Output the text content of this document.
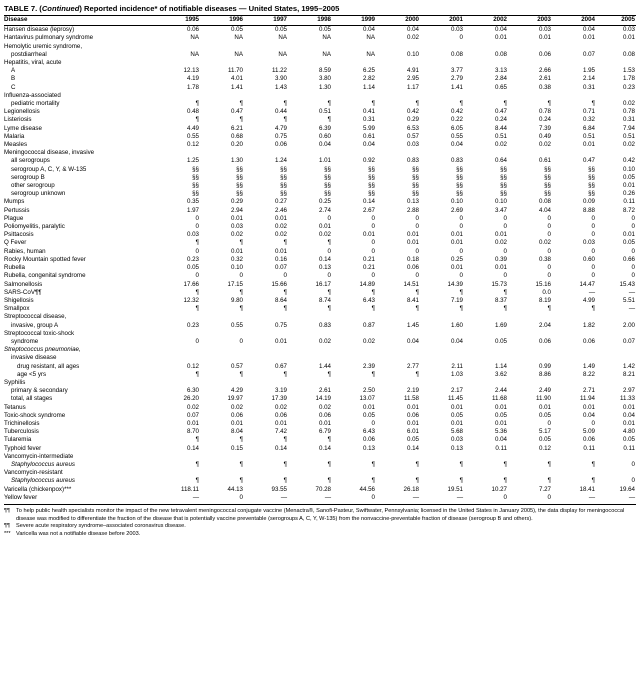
TABLE 7. (Continued) Reported incidence* of notifiable diseases — United States, 1995–2005
Disease	1995	1996	1997	1998	1999	2000	2001	2002	2003	2004	2005
Hansen disease (leprosy)	0.06	0.05	0.05	0.05	0.04	0.04	0.03	0.04	0.03	0.04	0.03
Hantavirus pulmonary syndrome	NA	NA	NA	NA	NA	0.02	0	0.01	0.01	0.01	0.01
Hemolytic uremic syndrome,											
postdiarrheal	NA	NA	NA	NA	NA	0.10	0.08	0.08	0.06	0.07	0.08
Hepatitis, viral, acute											
A	12.13	11.70	11.22	8.59	6.25	4.91	3.77	3.13	2.66	1.95	1.53
B	4.19	4.01	3.90	3.80	2.82	2.95	2.79	2.84	2.61	2.14	1.78
C	1.78	1.41	1.43	1.30	1.14	1.17	1.41	0.65	0.38	0.31	0.23
Influenza-associated											
pediatric mortality	¶	¶	¶	¶	¶	¶	¶	¶	¶	¶	0.02
Legionellosis	0.48	0.47	0.44	0.51	0.41	0.42	0.42	0.47	0.78	0.71	0.78
Listeriosis	¶	¶	¶	¶	0.31	0.29	0.22	0.24	0.24	0.32	0.31
Lyme disease	4.49	6.21	4.79	6.39	5.99	6.53	6.05	8.44	7.39	6.84	7.94
Malaria	0.55	0.68	0.75	0.60	0.61	0.57	0.55	0.51	0.49	0.51	0.51
Measles	0.12	0.20	0.06	0.04	0.04	0.03	0.04	0.02	0.02	0.01	0.02
Meningococcal disease, invasive											
all serogroups	1.25	1.30	1.24	1.01	0.92	0.83	0.83	0.64	0.61	0.47	0.42
serogroup A, C, Y, & W-135	§§	§§	§§	§§	§§	§§	§§	§§	§§	§§	0.10
serogroup B	§§	§§	§§	§§	§§	§§	§§	§§	§§	§§	0.05
other serogroup	§§	§§	§§	§§	§§	§§	§§	§§	§§	§§	0.01
serogroup unknown	§§	§§	§§	§§	§§	§§	§§	§§	§§	§§	0.26
Mumps	0.35	0.29	0.27	0.25	0.14	0.13	0.10	0.10	0.08	0.09	0.11
Pertussis	1.97	2.94	2.46	2.74	2.67	2.88	2.69	3.47	4.04	8.88	8.72
Plague	0	0.01	0.01	0	0	0	0	0	0	0	0
Poliomyelitis, paralytic	0	0.03	0.02	0.01	0	0	0	0	0	0	0
Psittacosis	0.03	0.02	0.02	0.02	0.01	0.01	0.01	0.01	0	0	0.01
Q Fever	¶	¶	¶	¶	0	0.01	0.01	0.02	0.02	0.03	0.05
Rabies, human	0	0.01	0.01	0	0	0	0	0	0	0	0
Rocky Mountain spotted fever	0.23	0.32	0.16	0.14	0.21	0.18	0.25	0.39	0.38	0.60	0.66
Rubella	0.05	0.10	0.07	0.13	0.21	0.06	0.01	0.01	0	0	0
Rubella, congenital syndrome	0	0	0	0	0	0	0	0	0	0	0
Salmonellosis	17.66	17.15	15.66	16.17	14.89	14.51	14.39	15.73	15.16	14.47	15.43
SARS-CoV¶¶	¶	¶	¶	¶	¶	¶	¶	¶	0.0	—	—
Shigellosis	12.32	9.80	8.64	8.74	6.43	8.41	7.19	8.37	8.19	4.99	5.51
Smallpox	¶	¶	¶	¶	¶	¶	¶	¶	¶	¶	—
Streptococcal disease,											
invasive, group A	0.23	0.55	0.75	0.83	0.87	1.45	1.60	1.69	2.04	1.82	2.00
Streptococcal toxic-shock											
syndrome	0	0	0.01	0.02	0.02	0.04	0.04	0.05	0.06	0.06	0.07
Streptococcus pneumoniae,											
invasive disease											
drug resistant, all ages	0.12	0.57	0.67	1.44	2.39	2.77	2.11	1.14	0.99	1.49	1.42
age <5 yrs	¶	¶	¶	¶	¶	¶	1.03	3.62	8.86	8.22	8.21
Syphilis											
primary & secondary	6.30	4.29	3.19	2.61	2.50	2.19	2.17	2.44	2.49	2.71	2.97
total, all stages	26.20	19.97	17.39	14.19	13.07	11.58	11.45	11.68	11.90	11.94	11.33
Tetanus	0.02	0.02	0.02	0.02	0.01	0.01	0.01	0.01	0.01	0.01	0.01
Toxic-shock syndrome	0.07	0.06	0.06	0.06	0.05	0.06	0.05	0.05	0.05	0.04	0.04
Trichinellosis	0.01	0.01	0.01	0.01	0	0.01	0.01	0.01	0	0	0.01
Tuberculosis	8.70	8.04	7.42	6.79	6.43	6.01	5.68	5.36	5.17	5.09	4.80
Tularemia	¶	¶	¶	¶	0.06	0.05	0.03	0.04	0.05	0.06	0.05
Typhoid fever	0.14	0.15	0.14	0.14	0.13	0.14	0.13	0.11	0.12	0.11	0.11
Vancomycin-intermediate											
Staphylococcus aureus	¶	¶	¶	¶	¶	¶	¶	¶	¶	¶	0
Vancomycin-resistant											
Staphylococcus aureus	¶	¶	¶	¶	¶	¶	¶	¶	¶	¶	0
Varicella (chickenpox)***	118.11	44.13	93.55	70.28	44.56	26.18	19.51	10.27	7.27	18.41	19.64
Yellow fever	—	0	—	—	0	—	—	0	0	—	—
¶¶	To help public health specialists monitor the impact of the new tetravalent meningococcal conjugate vaccine (Menactra®, Sanofi-Pasteur, Swiftwater, Pennsylvania; licensed in the United States in January 2005), the data display for meningococcal disease was modified to differentiate the fraction of the disease that is potentially vaccine preventable (serogroups A, C, Y, W-135) from the nonvaccine-preventable fraction of disease (serogroup B and others).
¶¶	Severe acute respiratory syndrome–associated coronavirus disease.
*** Varicella was not a notifiable disease before 2003.
